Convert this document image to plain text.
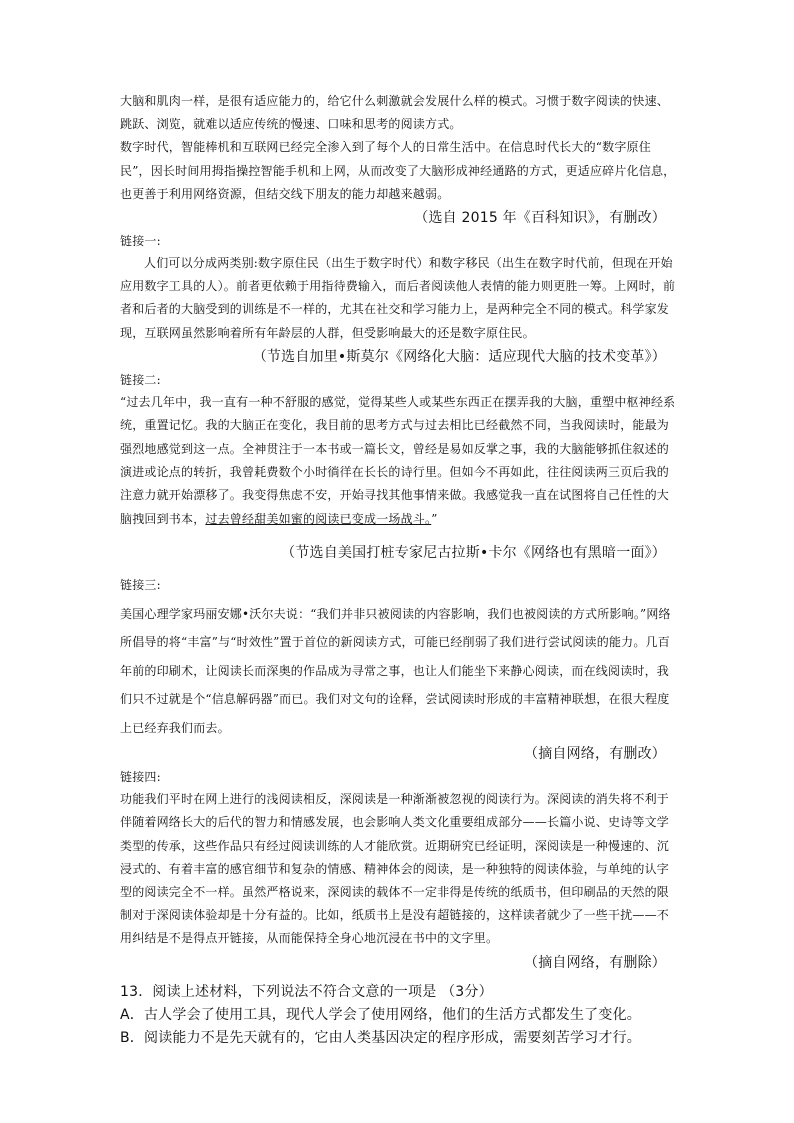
大脑和肌肉一样，是很有适应能力的，给它什么刺激就会发展什么样的模式。习惯于数字阅读的快速、跳跃、浏览，就难以适应传统的慢速、口味和思考的阅读方式。

数字时代，智能棒机和互联网已经完全渗入到了每个人的日常生活中。在信息时代长大的“数字原住民”，因长时间用拇指操控智能手机和上网，从而改变了大脑形成神经通路的方式，更适应碎片化信息，也更善于利用网络资源，但结交线下朋友的能力却越来越弱。

（选自 2015 年《百科知识》，有删改）

链接一:

人们可以分成两类别:数字原住民（出生于数字时代）和数字移民（出生在数字时代前，但现在开始应用数字工具的人）。前者更依赖于用指待费输入，而后者阅读他人表情的能力则更胜一筹。上网时，前者和后者的大脑受到的训练是不一样的，尤其在社交和学习能力上，是两种完全不同的模式。科学家发现，互联网虽然影响着所有年龄层的人群，但受影响最大的还是数字原住民。

（节选自加里•斯莫尔《网络化大脑：适应现代大脑的技术变革》）

链接二:

“过去几年中，我一直有一种不舒服的感觉，觉得某些人或某些东西正在摆弄我的大脑，重塑中枢神经系统，重置记忆。我的大脑正在变化，我目前的思考方式与过去相比已经截然不同，当我阅读时，能最为强烈地感觉到这一点。全神贯注于一本书或一篇长文，曾经是易如反掌之事，我的大脑能够抓住叙述的演进或论点的转折，我曾耗费数个小时徜徉在长长的诗行里。但如今不再如此，往往阅读两三页后我的注意力就开始漂移了。我变得焦虑不安，开始寻找其他事情来做。我感觉我一直在试图将自己任性的大脑拽回到书本，过去曾经甜美如蜜的阅读已变成一场战斗。”

（节选自美国打桩专家尼古拉斯•卡尔《网络也有黑暗一面》）

链接三:

美国心理学家玛丽安娜•沃尔夫说：“我们并非只被阅读的内容影响，我们也被阅读的方式所影响。”网络所倡导的将“丰富”与“时效性”置于首位的新阅读方式，可能已经削弱了我们进行尝试阅读的能力。几百年前的印刷术，让阅读长而深奥的作品成为寻常之事，也让人们能坐下来静心阅读，而在线阅读时，我们只不过就是个“信息解码器”而已。我们对文句的诠释，尝试阅读时形成的丰富精神联想，在很大程度上已经弃我们而去。

（摘自网络，有删改）

链接四:

功能我们平时在网上进行的浅阅读相反，深阅读是一种渐渐被忽视的阅读行为。深阅读的消失将不利于伴随着网络长大的后代的智力和情感发展，也会影响人类文化重要组成部分——长篇小说、史诗等文学类型的传承，这些作品只有经过阅读训练的人才能欣赏。近期研究已经证明，深阅读是一种慢速的、沉浸式的、有着丰富的感官细节和复杂的情感、精神体会的阅读，是一种独特的阅读体验，与单纯的认字型的阅读完全不一样。虽然严格说来，深阅读的载体不一定非得是传统的纸质书，但印刷品的天然的限制对于深阅读体验却是十分有益的。比如，纸质书上是没有超链接的，这样读者就少了一些干扰——不用纠结是不是得点开链接，从而能保持全身心地沉浸在书中的文字里。

（摘自网络，有删除）

13．阅读上述材料，下列说法不符合文意的一项是 （3分）

A．古人学会了使用工具，现代人学会了使用网络，他们的生活方式都发生了变化。

B．阅读能力不是先天就有的，它由人类基因决定的程序形成，需要刻苦学习才行。
